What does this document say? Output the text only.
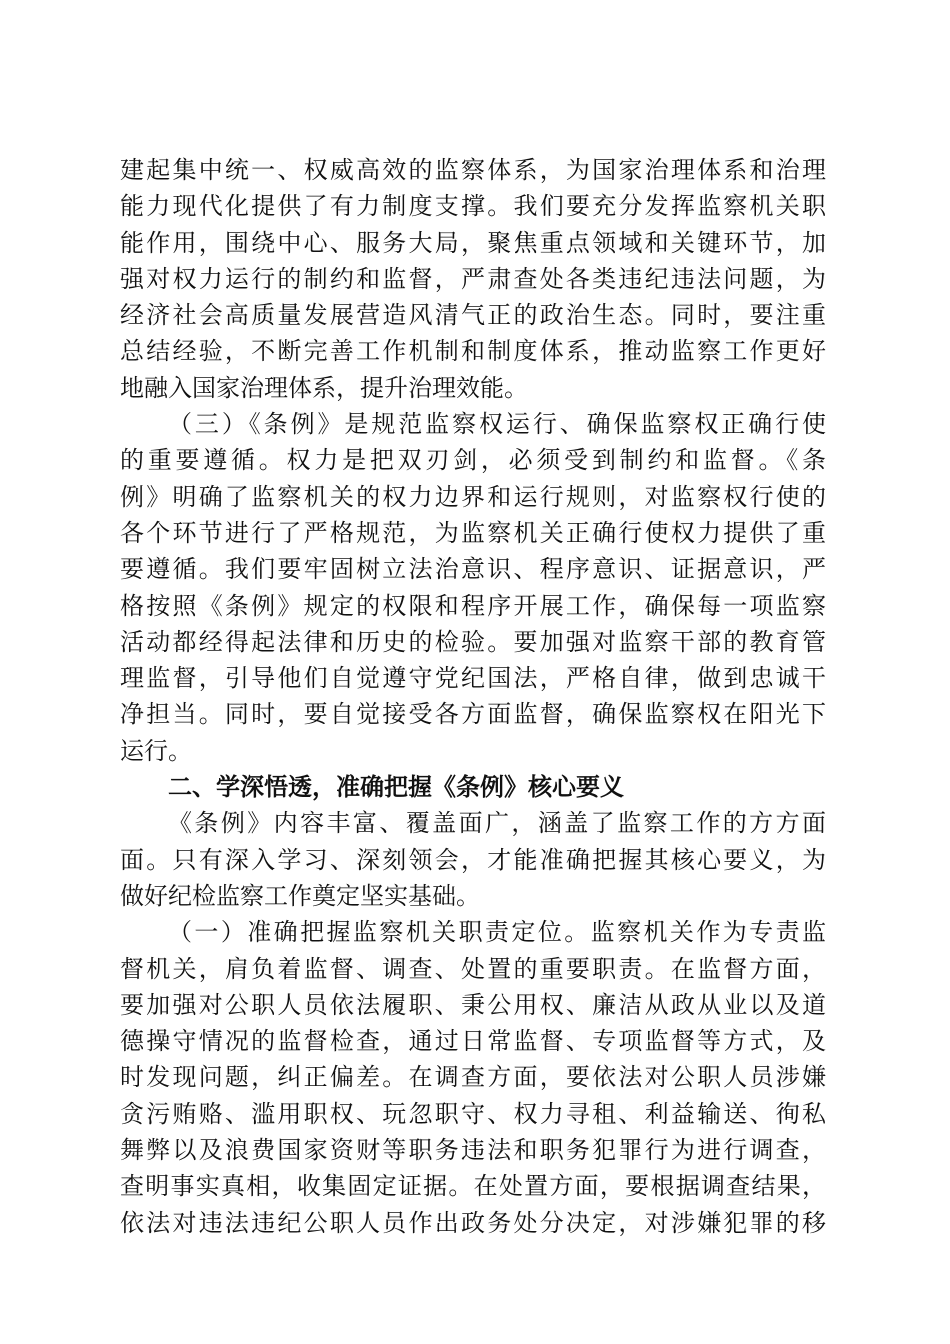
建起集中统一、权威高效的监察体系，为国家治理体系和治理
能力现代化提供了有力制度支撑。我们要充分发挥监察机关职
能作用，围绕中心、服务大局，聚焦重点领域和关键环节，加
强对权力运行的制约和监督，严肃查处各类违纪违法问题，为
经济社会高质量发展营造风清气正的政治生态。同时，要注重
总结经验，不断完善工作机制和制度体系，推动监察工作更好
地融入国家治理体系，提升治理效能。
（三）《条例》是规范监察权运行、确保监察权正确行使
的重要遵循。权力是把双刃剑，必须受到制约和监督。《条
例》明确了监察机关的权力边界和运行规则，对监察权行使的
各个环节进行了严格规范，为监察机关正确行使权力提供了重
要遵循。我们要牢固树立法治意识、程序意识、证据意识，严
格按照《条例》规定的权限和程序开展工作，确保每一项监察
活动都经得起法律和历史的检验。要加强对监察干部的教育管
理监督，引导他们自觉遵守党纪国法，严格自律，做到忠诚干
净担当。同时，要自觉接受各方面监督，确保监察权在阳光下
运行。
二、学深悟透，准确把握《条例》核心要义
《条例》内容丰富、覆盖面广，涵盖了监察工作的方方面
面。只有深入学习、深刻领会，才能准确把握其核心要义，为
做好纪检监察工作奠定坚实基础。
（一）准确把握监察机关职责定位。监察机关作为专责监
督机关，肩负着监督、调查、处置的重要职责。在监督方面，
要加强对公职人员依法履职、秉公用权、廉洁从政从业以及道
德操守情况的监督检查，通过日常监督、专项监督等方式，及
时发现问题，纠正偏差。在调查方面，要依法对公职人员涉嫌
贪污贿赂、滥用职权、玩忽职守、权力寻租、利益输送、徇私
舞弊以及浪费国家资财等职务违法和职务犯罪行为进行调查，
查明事实真相，收集固定证据。在处置方面，要根据调查结果，
依法对违法违纪公职人员作出政务处分决定，对涉嫌犯罪的移
